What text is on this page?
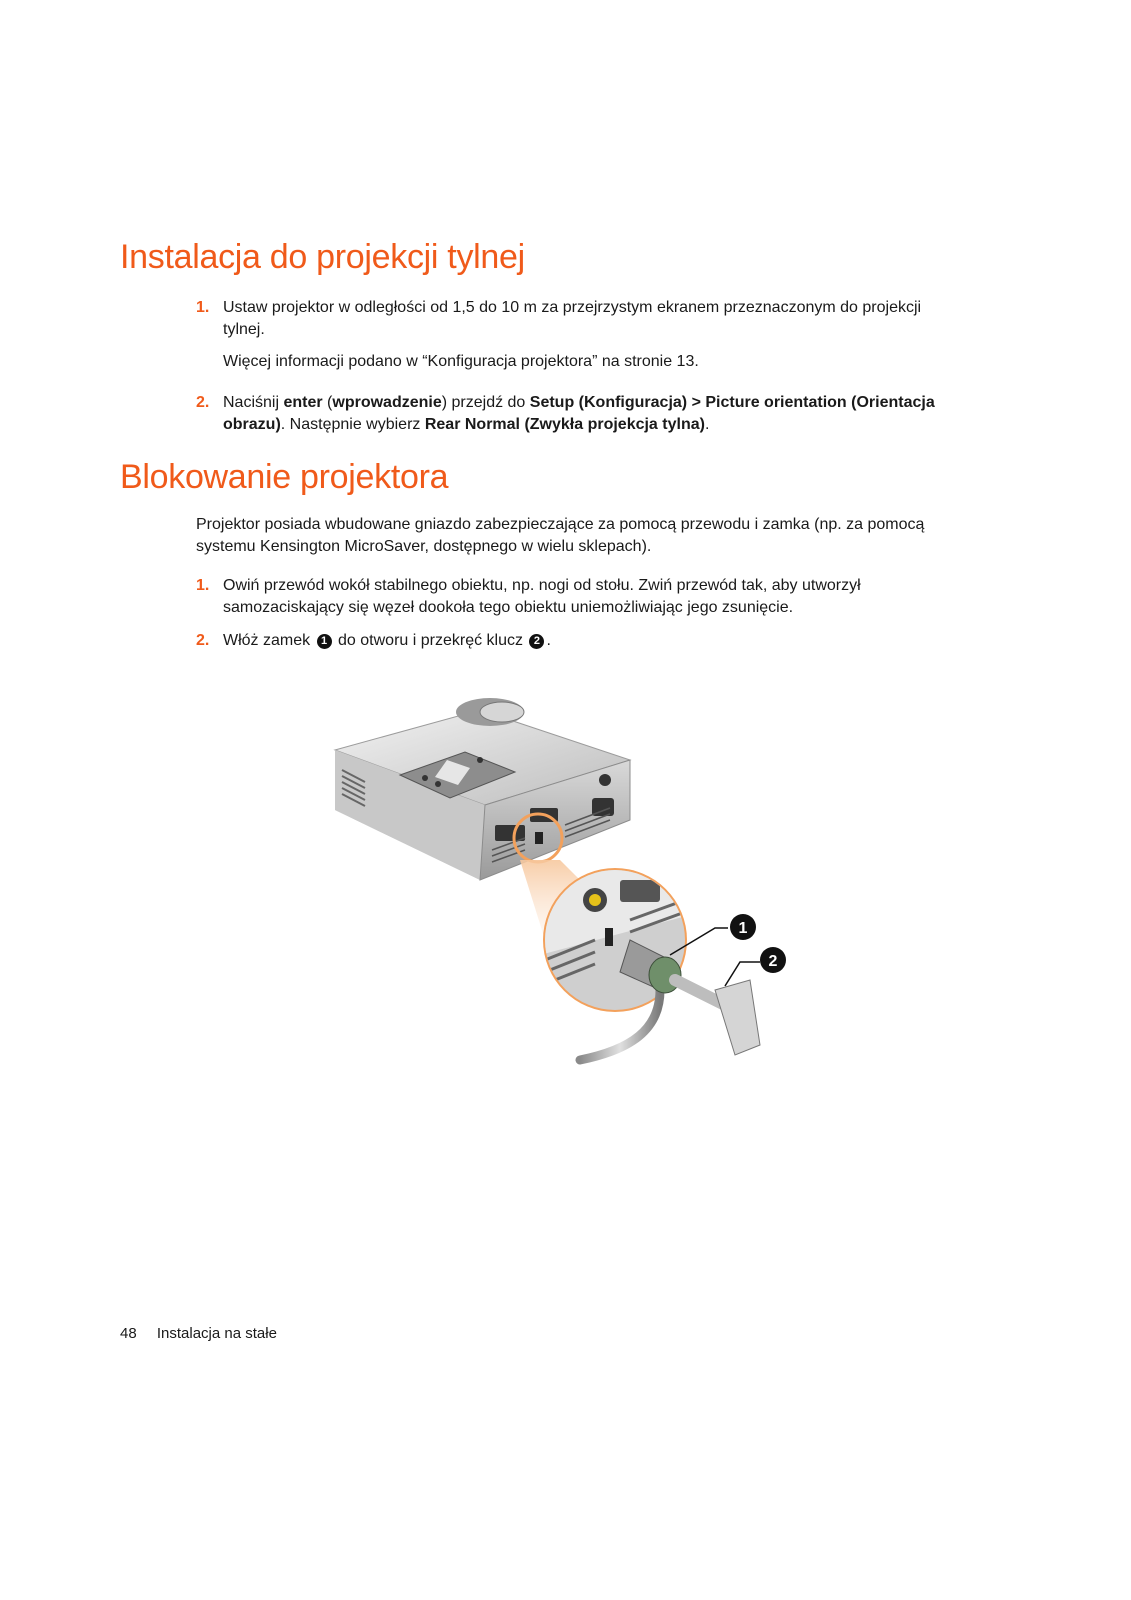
Instalacja do projekcji tylnej
1. Ustaw projektor w odległości od 1,5 do 10 m za przejrzystym ekranem przeznaczonym do projekcji tylnej.

Więcej informacji podano w “Konfiguracja projektora” na stronie 13.

2. Naciśnij enter (wprowadzenie) przejdź do Setup (Konfiguracja) > Picture orientation (Orientacja obrazu). Następnie wybierz Rear Normal (Zwykła projekcja tylna).
Blokowanie projektora

Projektor posiada wbudowane gniazdo zabezpieczające za pomocą przewodu i zamka (np. za pomocą systemu Kensington MicroSaver, dostępnego w wielu sklepach).

1. Owiń przewód wokół stabilnego obiektu, np. nogi od stołu. Zwiń przewód tak, aby utworzył samozaciskający się węzeł dookoła tego obiektu uniemożliwiając jego zsunięcie.
2. Włóż zamek 1 do otworu i przekręć klucz 2 .
1
2
48 Instalacja na stałe
